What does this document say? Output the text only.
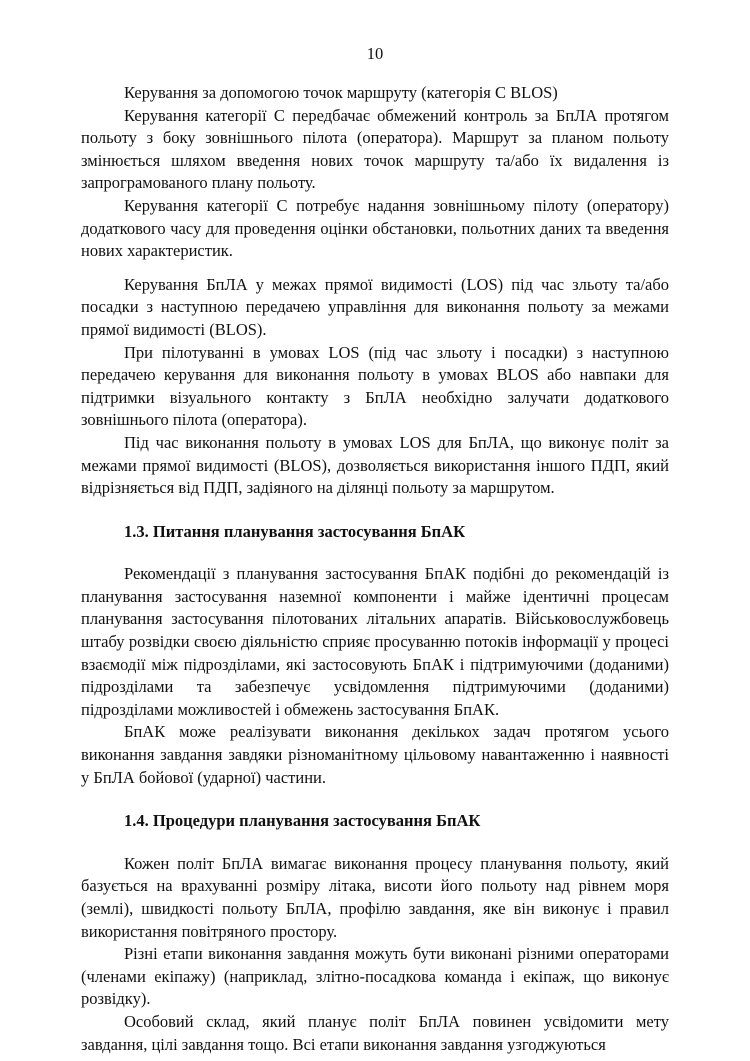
10

Керування за допомогою точок маршруту (категорія С BLOS)

Керування категорії С передбачає обмежений контроль за БпЛА протягом польоту з боку зовнішнього пілота (оператора). Маршрут за планом польоту змінюється шляхом введення нових точок маршруту та/або їх видалення із запрограмованого плану польоту.

Керування категорії С потребує надання зовнішньому пілоту (оператору) додаткового часу для проведення оцінки обстановки, польотних даних та введення нових характеристик.

Керування БпЛА у межах прямої видимості (LOS) під час зльоту та/або посадки з наступною передачею управління для виконання польоту за межами прямої видимості (BLOS).

При пілотуванні в умовах LOS (під час зльоту і посадки) з наступною передачею керування для виконання польоту в умовах BLOS або навпаки для підтримки візуального контакту з БпЛА необхідно залучати додаткового зовнішнього пілота (оператора).

Під час виконання польоту в умовах LOS для БпЛА, що виконує політ за межами прямої видимості (BLOS), дозволяється використання іншого ПДП, який відрізняється від ПДП, задіяного на ділянці польоту за маршрутом.

1.3. Питання планування застосування БпАК

Рекомендації з планування застосування БпАК подібні до рекомендацій із планування застосування наземної компоненти і майже ідентичні процесам планування застосування пілотованих літальних апаратів. Військовослужбовець штабу розвідки своєю діяльністю сприяє просуванню потоків інформації у процесі взаємодії між підрозділами, які застосовують БпАК і підтримуючими (доданими) підрозділами та забезпечує усвідомлення підтримуючими (доданими) підрозділами можливостей і обмежень застосування БпАК.

БпАК може реалізувати виконання декількох задач протягом усього виконання завдання завдяки різноманітному цільовому навантаженню і наявності у БпЛА бойової (ударної) частини.

1.4. Процедури планування застосування БпАК

Кожен політ БпЛА вимагає виконання процесу планування польоту, який базується на врахуванні розміру літака, висоти його польоту над рівнем моря (землі), швидкості польоту БпЛА, профілю завдання, яке він виконує і правил використання повітряного простору.

Різні етапи виконання завдання можуть бути виконані різними операторами (членами екіпажу) (наприклад, злітно-посадкова команда і екіпаж, що виконує розвідку).

Особовий склад, який планує політ БпЛА повинен усвідомити мету завдання, цілі завдання тощо. Всі етапи виконання завдання узгоджуються
